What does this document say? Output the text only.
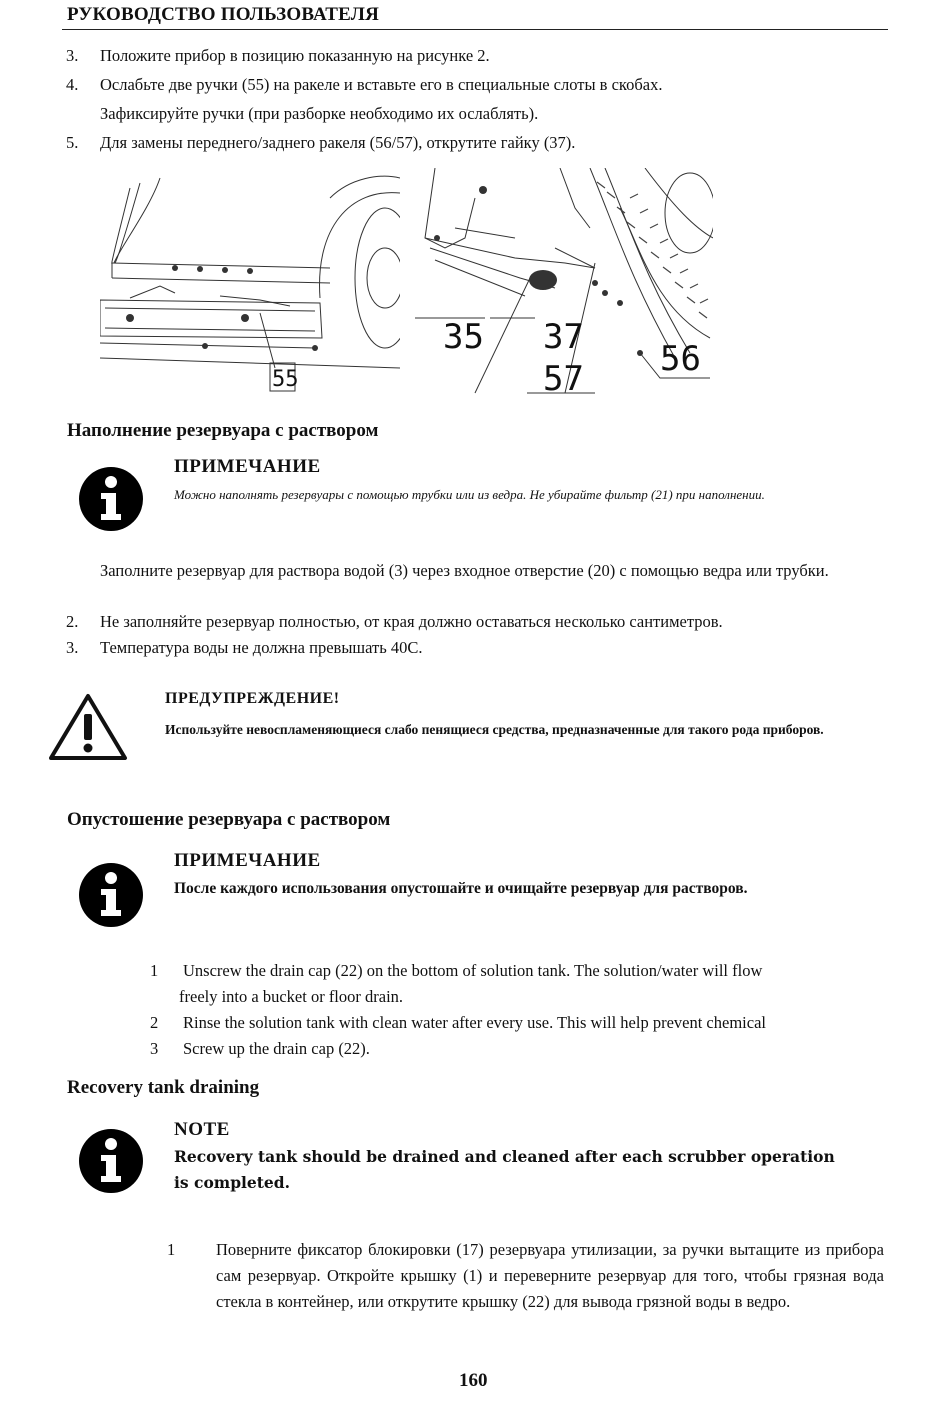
РУКОВОДСТВО ПОЛЬЗОВАТЕЛЯ
3. Положите прибор в позицию показанную на рисунке 2.
4. Ослабьте две ручки (55) на ракеле и вставьте его в специальные слоты в скобах.
Зафиксируйте ручки (при разборке необходимо их ослаблять).
5. Для замены переднего/заднего ракеля (56/57), открутите гайку (37).
55
35 37
57 56
Наполнение резервуара с раствором
ПРИМЕЧАНИЕ
Можно наполнять резервуары с помощью трубки или из ведра. Не убирайте фильтр (21) при наполнении.
Заполните резервуар для раствора водой (3) через входное отверстие (20) с помощью ведра или трубки.
2. Не заполняйте резервуар полностью, от края должно оставаться несколько сантиметров.
3. Температура воды не должна превышать 40С.
ПРЕДУПРЕЖДЕНИЕ!
Используйте невоспламеняющиеся слабо пенящиеся средства, предназначенные для такого рода приборов.
Опустошение резервуара с раствором
ПРИМЕЧАНИЕ
После каждого использования опустошайте и очищайте резервуар для растворов.
1 Unscrew the drain cap (22) on the bottom of solution tank. The solution/water will flow
freely into a bucket or floor drain.
2 Rinse the solution tank with clean water after every use. This will help prevent chemical
3 Screw up the drain cap (22).
Recovery tank draining
NOTE
Recovery tank should be drained and cleaned after each scrubber operation is completed.
1 Поверните фиксатор блокировки (17) резервуара утилизации, за ручки вытащите из прибора сам резервуар. Откройте крышку (1) и переверните резервуар для того, чтобы грязная вода стекла в контейнер, или открутите крышку (22) для вывода грязной воды в ведро.
160
